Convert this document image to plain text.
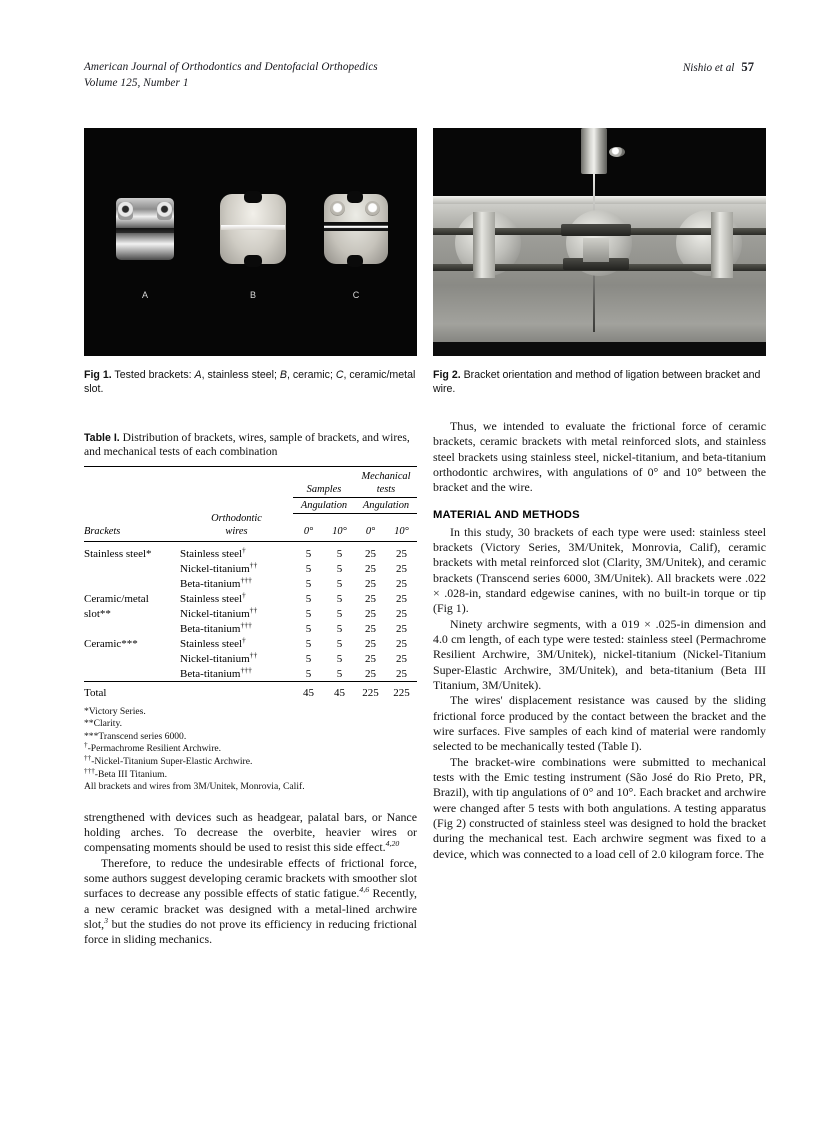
American Journal of Orthodontics and Dentofacial Orthopedics
Volume 125, Number 1
Nishio et al 57
A	B	C
Fig 1. Tested brackets: A, stainless steel; B, ceramic; C, ceramic/metal slot.
Table I. Distribution of brackets, wires, sample of brackets, and wires, and mechanical tests of each combination

		Samples		Mechanical
tests	
		Angulation		Angulation	
Brackets	Orthodontic
wires	0°	10°	0°	10°

Stainless steel*	Stainless steel†	5	5	25	25
	Nickel-titanium††	5	5	25	25
	Beta-titanium†††	5	5	25	25
Ceramic/metal	Stainless steel†	5	5	25	25
slot**	Nickel-titanium††	5	5	25	25
	Beta-titanium†††	5	5	25	25
Ceramic***	Stainless steel†	5	5	25	25
	Nickel-titanium††	5	5	25	25
	Beta-titanium†††	5	5	25	25

Total		45	45	225	225
*Victory Series.
**Clarity.
***Transcend series 6000.
†-Permachrome Resilient Archwire.
††-Nickel-Titanium Super-Elastic Archwire.
†††-Beta III Titanium.
All brackets and wires from 3M/Unitek, Monrovia, Calif.

strengthened with devices such as headgear, palatal bars, or Nance holding arches. To decrease the overbite, heavier wires or compensating moments should be used to resist this side effect.$^{4,20}$

Therefore, to reduce the undesirable effects of frictional force, some authors suggest developing ceramic brackets with smoother slot surfaces to decrease any possible effects of static fatigue.$^{4,6}$ Recently, a new ceramic bracket was designed with a metal-lined archwire slot,$^3$ but the studies do not prove its efficiency in reducing frictional force in sliding mechanics.

Fig 2. Bracket orientation and method of ligation between bracket and wire.

Thus, we intended to evaluate the frictional force of ceramic brackets, ceramic brackets with metal reinforced slots, and stainless steel brackets using stainless steel, nickel-titanium, and beta-titanium orthodontic archwires, with angulations of 0° and 10° between the bracket and the wire.

MATERIAL AND METHODS

In this study, 30 brackets of each type were used: stainless steel brackets (Victory Series, 3M/Unitek, Monrovia, Calif), ceramic brackets with metal reinforced slot (Clarity, 3M/Unitek), and ceramic brackets (Transcend series 6000, 3M/Unitek). All brackets were .022 × .028-in, standard edgewise canines, with no built-in torque or tip (Fig 1).

Ninety archwire segments, with a 019 × .025-in dimension and 4.0 cm length, of each type were tested: stainless steel (Permachrome Resilient Archwire, 3M/Unitek), nickel-titanium (Nickel-Titanium Super-Elastic Archwire, 3M/Unitek), and beta-titanium (Beta III Titanium, 3M/Unitek).

The wires' displacement resistance was caused by the sliding frictional force produced by the contact between the bracket and the wire surfaces. Five samples of each kind of material were randomly selected to be mechanically tested (Table I).

The bracket-wire combinations were submitted to mechanical tests with the Emic testing instrument (São José do Rio Preto, PR, Brazil), with tip angulations of 0° and 10°. Each bracket and archwire were changed after 5 tests with both angulations. A testing apparatus (Fig 2) constructed of stainless steel was designed to hold the bracket during the mechanical test. Each archwire segment was fixed to a device, which was connected to a load cell of 2.0 kilogram force. The
